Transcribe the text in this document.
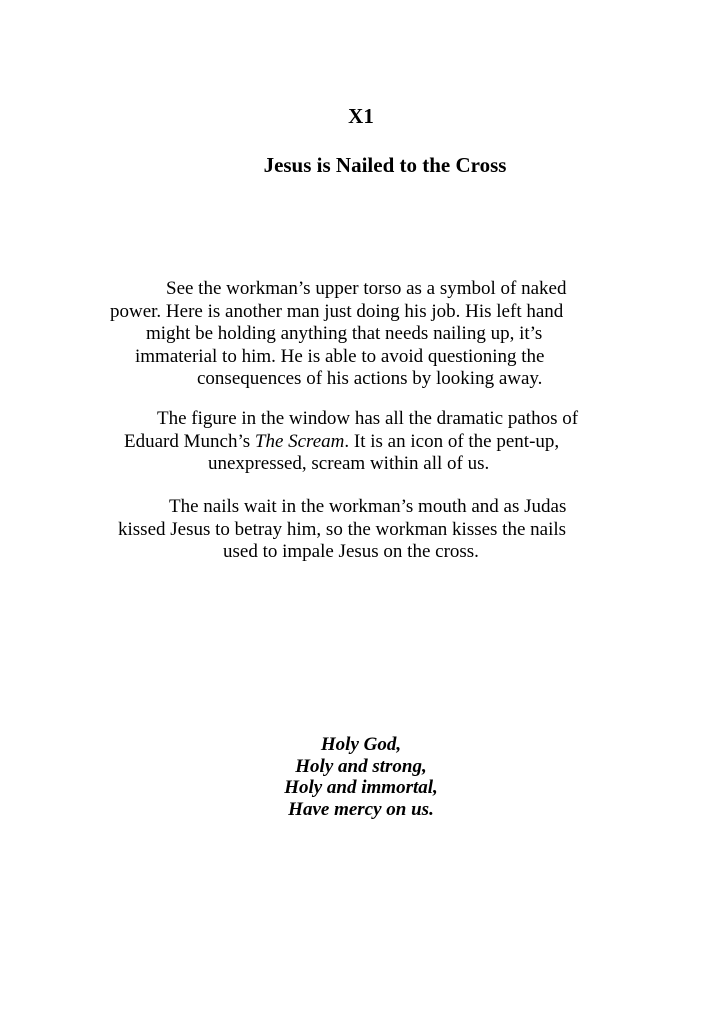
X1
Jesus is Nailed to the Cross
See the workman’s upper torso as a symbol of naked
power. Here is another man just doing his job. His left hand
might be holding anything that needs nailing up, it’s
immaterial to him. He is able to avoid questioning the
consequences of his actions by looking away.
The figure in the window has all the dramatic pathos of
Eduard Munch’s The Scream. It is an icon of the pent-up,
unexpressed, scream within all of us.
The nails wait in the workman’s mouth and as Judas
kissed Jesus to betray him, so the workman kisses the nails
used to impale Jesus on the cross.
Holy God,
Holy and strong,
Holy and immortal,
Have mercy on us.
